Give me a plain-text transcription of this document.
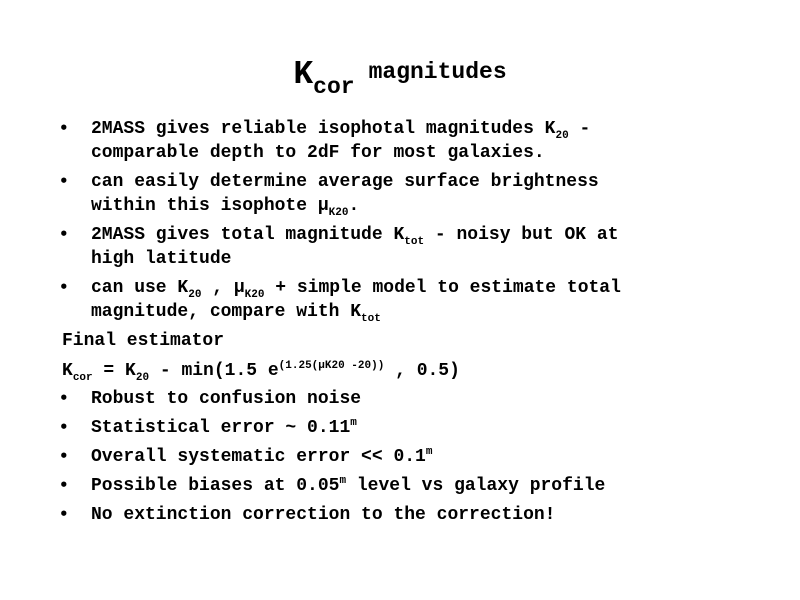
Kcormagnitudes
• 2MASS gives reliable isophotal magnitudes $K_{20}$ -
comparable depth to 2dF for most galaxies.
• can easily determine average surface brightness
within this isophote $\mu_{K20}$.
• 2MASS gives total magnitude $K_{tot}$ - noisy but OK at
high latitude
• can use $K_{20}$ , $\mu_{K20}$ + simple model to estimate total
magnitude, compare with $K_{tot}$
Final estimator
$K_{cor} = K_{20} - \min(1.5$ $e^{(1.25(\mu K20 -20))}$ , 0.5)
• Robust to confusion noise
• Statistical error ~ 0.11$^m$
• Overall systematic error << $0.1^m$
• Possible biases at 0.05$^m$ level vs galaxy profile
• No extinction correction to the correction!
